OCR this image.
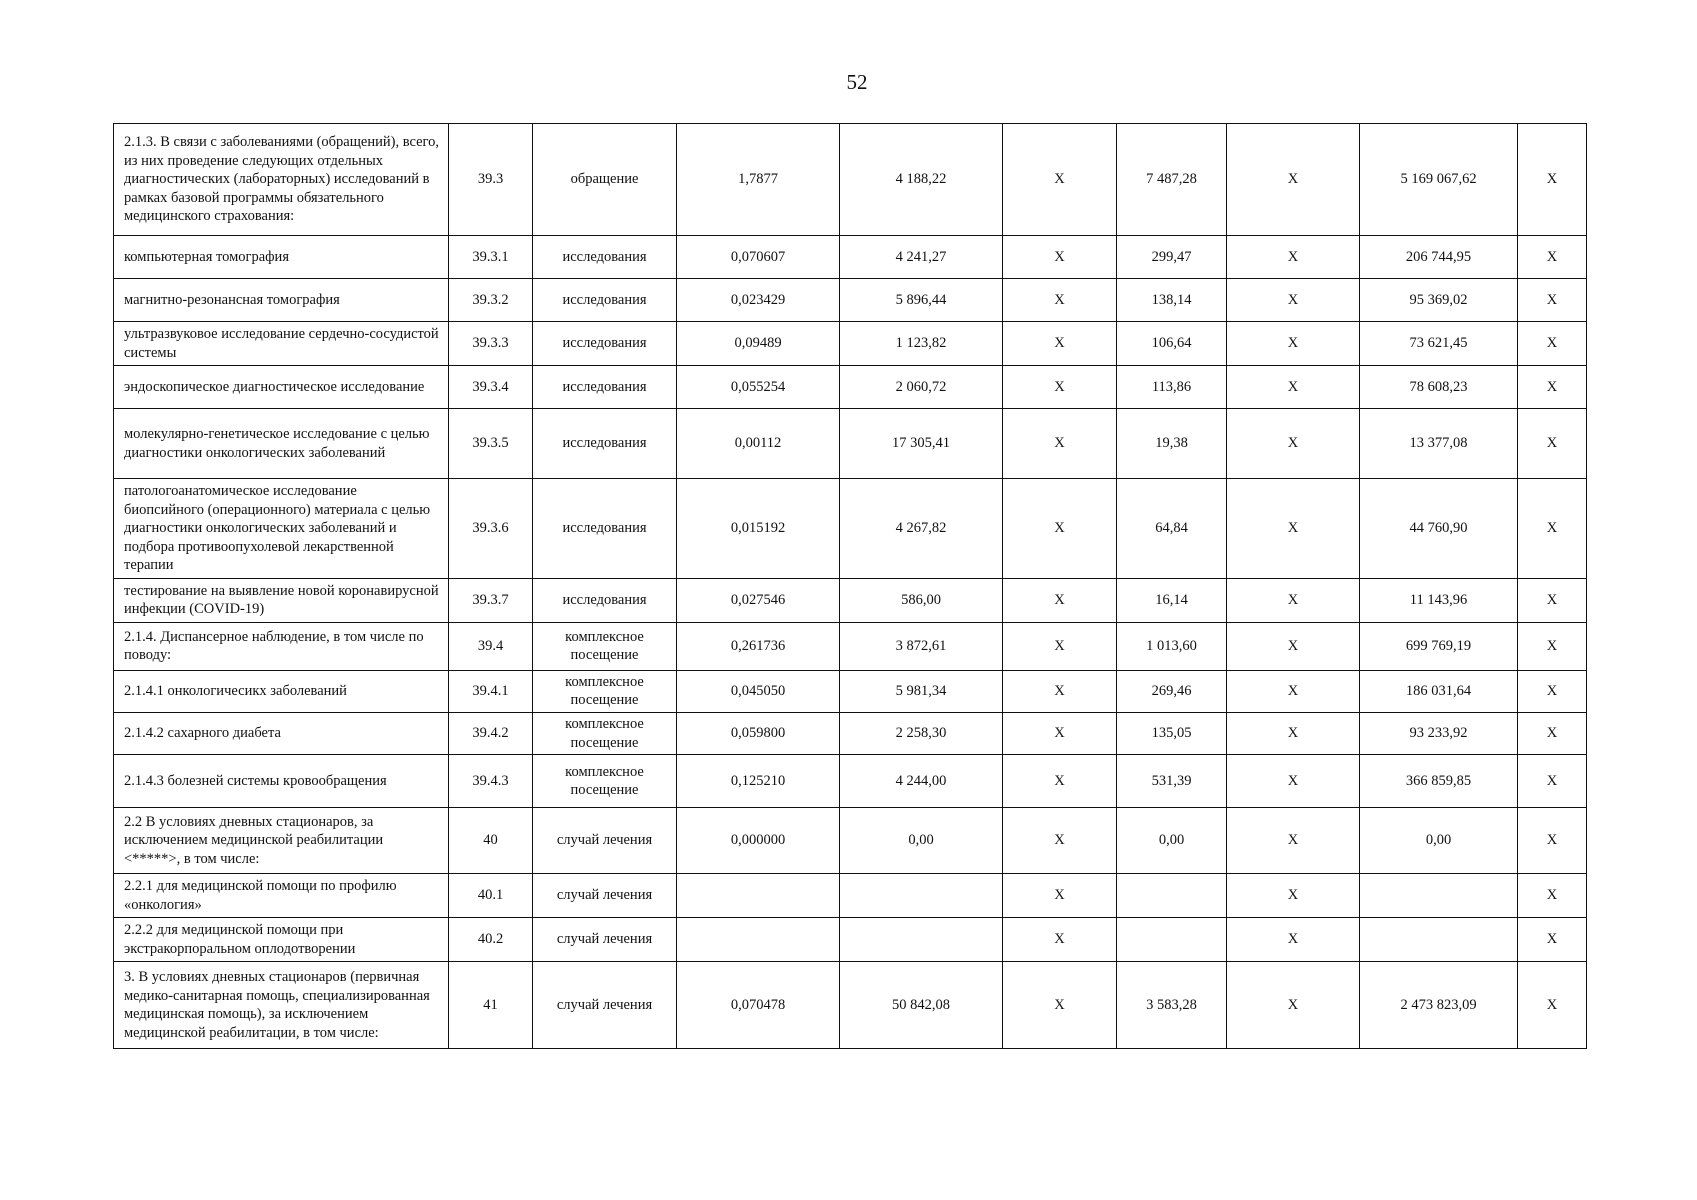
52
2.1.3. В связи с заболеваниями (обращений), всего, из них проведение следующих отдельных диагностических (лабораторных) исследований в рамках базовой программы обязательного медицинского страхования:	39.3	обращение	1,7877	4 188,22	X	7 487,28	X	5 169 067,62	X
компьютерная томография	39.3.1	исследования	0,070607	4 241,27	X	299,47	X	206 744,95	X
магнитно-резонансная томография	39.3.2	исследования	0,023429	5 896,44	X	138,14	X	95 369,02	X
ультразвуковое исследование сердечно-сосудистой системы	39.3.3	исследования	0,09489	1 123,82	X	106,64	X	73 621,45	X
эндоскопическое диагностическое исследование	39.3.4	исследования	0,055254	2 060,72	X	113,86	X	78 608,23	X
молекулярно-генетическое исследование с целью диагностики онкологических заболеваний	39.3.5	исследования	0,00112	17 305,41	X	19,38	X	13 377,08	X
патологоанатомическое исследование биопсийного (операционного) материала с целью диагностики онкологических заболеваний и подбора противоопухолевой лекарственной терапии	39.3.6	исследования	0,015192	4 267,82	X	64,84	X	44 760,90	X
тестирование на выявление новой коронавирусной инфекции (COVID-19)	39.3.7	исследования	0,027546	586,00	X	16,14	X	11 143,96	X
2.1.4. Диспансерное наблюдение, в том числе по поводу:	39.4	комплексное посещение	0,261736	3 872,61	X	1 013,60	X	699 769,19	X
2.1.4.1 онкологичесикх заболеваний	39.4.1	комплексное посещение	0,045050	5 981,34	X	269,46	X	186 031,64	X
2.1.4.2 сахарного диабета	39.4.2	комплексное посещение	0,059800	2 258,30	X	135,05	X	93 233,92	X
2.1.4.3 болезней системы кровообращения	39.4.3	комплексное посещение	0,125210	4 244,00	X	531,39	X	366 859,85	X
2.2 В условиях дневных стационаров, за исключением медицинской реабилитации <*****>, в том числе:	40	случай лечения	0,000000	0,00	X	0,00	X	0,00	X
2.2.1 для медицинской помощи по профилю «онкология»	40.1	случай лечения			X		X		X
2.2.2 для медицинской помощи при экстракорпоральном оплодотворении	40.2	случай лечения			X		X		X
3. В условиях дневных стационаров (первичная медико-санитарная помощь, специализированная медицинская помощь), за исключением медицинской реабилитации, в том числе:	41	случай лечения	0,070478	50 842,08	X	3 583,28	X	2 473 823,09	X
